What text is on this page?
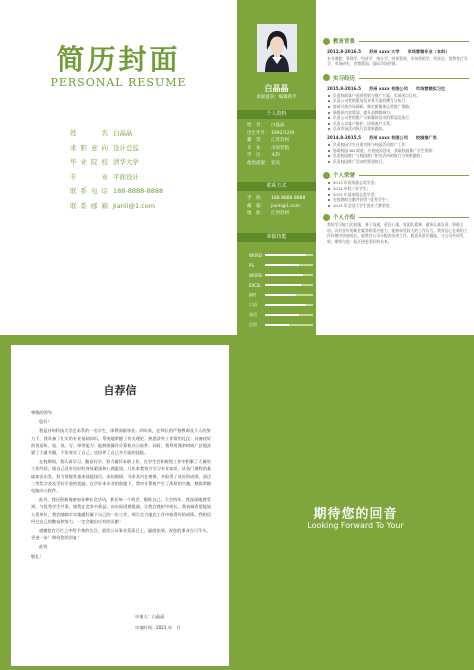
简历封面
PERSONAL RESUME
姓名 白晶晶
求职意向 设计总监
毕业院校 清华大学
专业 平面设计
联系电话 188-8888-8888
联系邮箱 Jianli@1.com
白晶晶
求职意向：编辑助手
个人资料
姓　名：	白晶晶
出生年月： 1992/12/9
籍　贯：	江苏苏州
专　业：	市场营销
学　历：	本科
政治面貌： 党员
联系方式
手　机：	188 8888 8888
邮　箱：	jianli@1.com
地　址：	江西苏州
掌握技能
WORD
PS
WORD
EXCEL
PPT
口语
英语
日语
教育背景
2012.8-2016.5 苏州 xxxx 大学 市场营销专业（本科）
专业课程：管理学，经济学，统计学，财务管理，市场营销学，经济法，消费者行为学，市场研究，营销策划，国际市场营销。
实习经历
2015.8-2016.5 苏州 xxxx 有限公司 市场营销实习生
负责协助客户选择营销与推广方案，实现项目目标；
负责公司营销策划及业务方案的撰写与执行；
协助开展市场调研，制定新媒体运营推广策略；
新媒体内容策划，提升品牌影响力；
负责公司营销推广与新媒体活动的策划及执行；
负责公司客户维护，协调客户关系；
负责市场活动执行及效果跟踪。
2014.8-2015.5 苏州 xxxx 有限公司 校园推广员
负责校园学生社团对接与校园活动推广工作；
协助校园 BD 渠道，开展校园活动，获取校园推广学生资源；
负责校园推广与校园推广相关活动的执行与效果跟踪；
负责校园推广活动的策划执行。
个人荣誉
2013 年国家励志奖学金；
2014 年校三好学生；
2015 年国家励志奖学金；
在校期间全勤并获得 "优秀学生"；
2015 年全国大学生创业大赛荣誉。
个人介绍
我的学习能力比较强，善于沟通，责任心强，有团队精神，做事认真负责，积极主动。具有良好的职业素养和适应能力，能够承受较大的工作压力。我有信心在新的工作环境中快速成长，能胜任公司分配的各项工作，愿意从基层做起，与公司共同发展，期待与您一起开创更美好的未来。
自荐信

尊敬的领导：

您好！

我是苏州科技大学艺术系的一名学生，即将面临毕业。四年来，在师长的严格教诲及个人的努力下，我具备了扎实的专业基础知识，系统地掌握了有关理论；熟悉涉外工作常用礼仪；具备较好的英语听、说、读、写、译等能力；能熟练操作计算机办公软件。同时，我利用课余时间广泛地涉猎了大量书籍，不但充实了自己，也培养了自己多方面的技能。

在校期间，我认真学习，勤奋好学，努力做好本职工作，在学生会和班级工作中积累了大量的工作经验，使自己具有良好的身体素质和心理素质。几年来我努力学习专业知识，从各门课程的基础知识出发，努力掌握其基本技能技巧，深钻细研，寻求其内在规律，并取得了良好的成绩，获过三等奖学金及学好学金的奖励。在学好本专业的前提下，我对计算机产生了浓厚的兴趣，熟练掌握电脑办公软件。

此外，我还积极地参加各种社会活动，抓住每一个机会，锻炼自己。大学四年，我深深地感受到，与优秀学生共事，使我在竞争中获益；向实际困难挑战，让我在挫折中成长。我真诚希望能加入贵单位，我会踏踏实实地做好属于自己的一份工作，竭尽全力地在工作中取得好的成绩。我相信经过自己的勤奋和努力，一定会做出应有的贡献！

感谢您在百忙之中给予我的关注，愿贵公司事业蒸蒸日上，屡创佳绩，祝您的事业百尺竿头，更进一步！期待您的回复！

此致

敬礼！

申请人：白晶晶
申请时间：2021 年　月
期待您的回音
Looking Forward To Your
